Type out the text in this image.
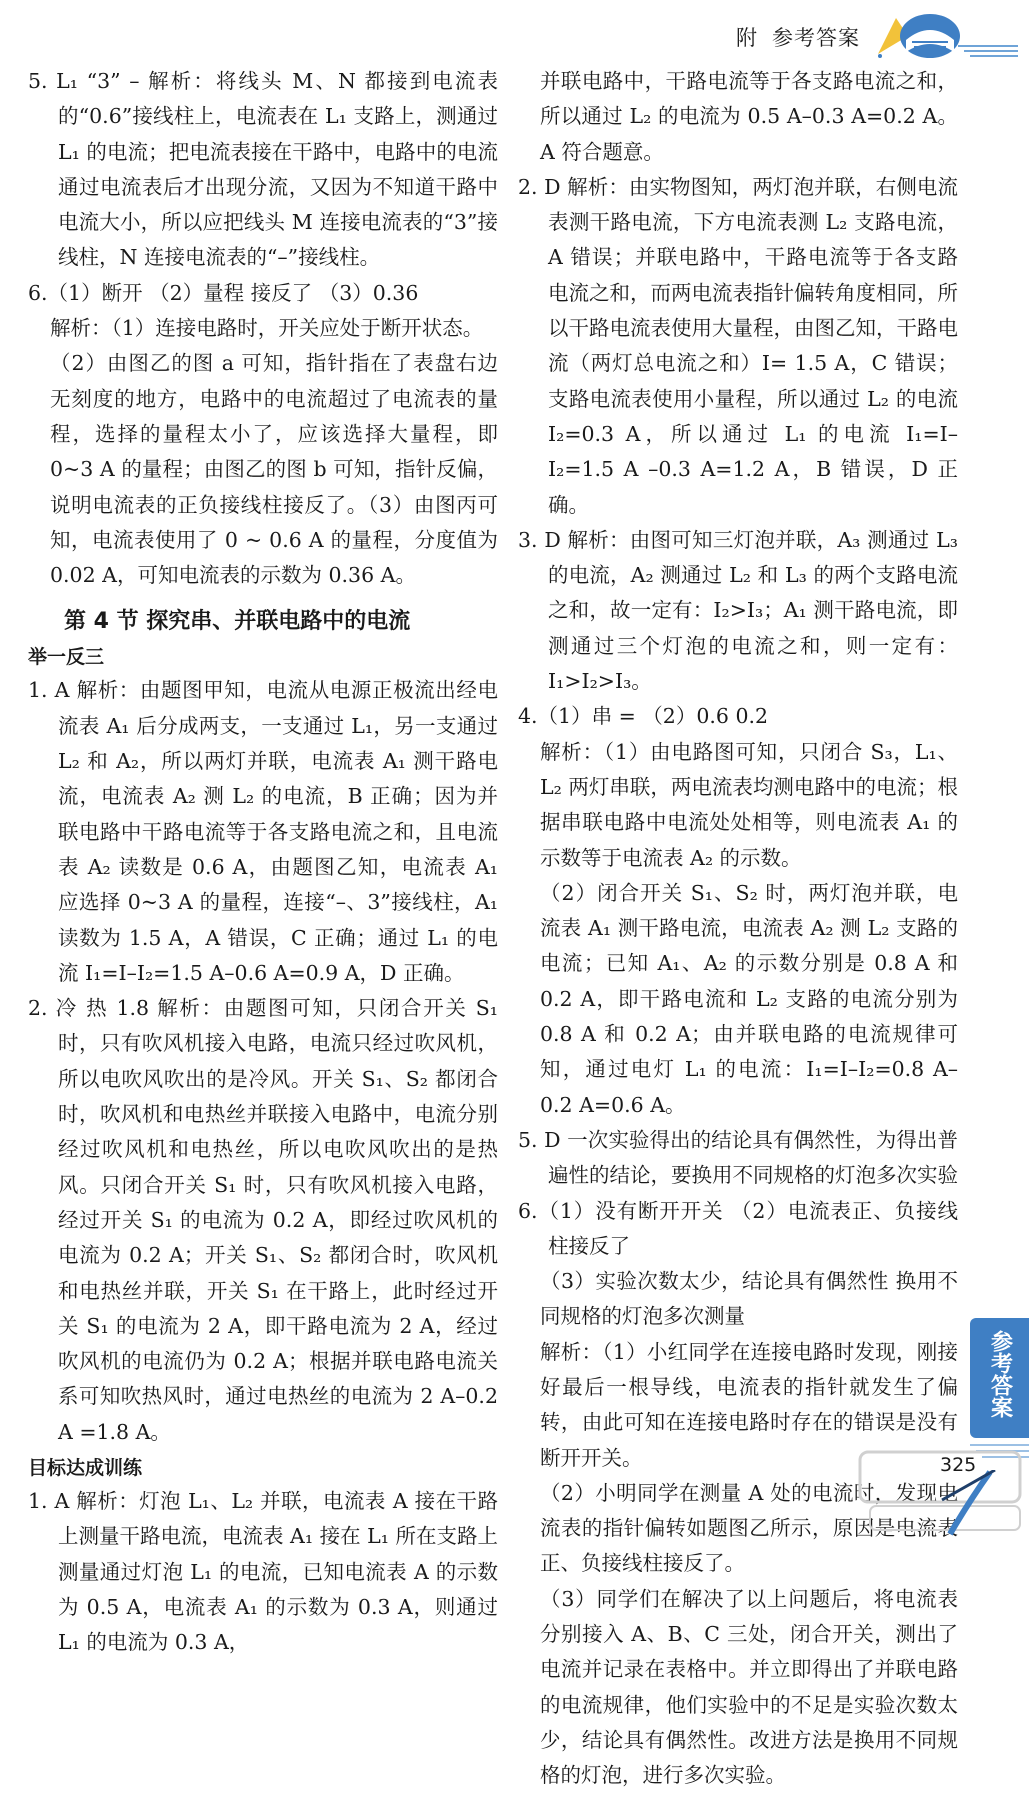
附 参考答案

5. L₁ “3” – 解析：将线头 M、N 都接到电流表的“0.6”接线柱上，电流表在 L₁ 支路上，测通过 L₁ 的电流；把电流表接在干路中，电路中的电流通过电流表后才出现分流，又因为不知道干路中电流大小，所以应把线头 M 连接电流表的“3”接线柱，N 连接电流表的“–”接线柱。

6.（1）断开 （2）量程 接反了 （3）0.36

解析：（1）连接电路时，开关应处于断开状态。

（2）由图乙的图 a 可知，指针指在了表盘右边无刻度的地方，电路中的电流超过了电流表的量程，选择的量程太小了，应该选择大量程，即 0~3 A 的量程；由图乙的图 b 可知，指针反偏，说明电流表的正负接线柱接反了。（3）由图丙可知，电流表使用了 0 ~ 0.6 A 的量程，分度值为 0.02 A，可知电流表的示数为 0.36 A。

第 4 节 探究串、并联电路中的电流
举一反三

1. A 解析：由题图甲知，电流从电源正极流出经电流表 A₁ 后分成两支，一支通过 L₁，另一支通过 L₂ 和 A₂，所以两灯并联，电流表 A₁ 测干路电流，电流表 A₂ 测 L₂ 的电流，B 正确；因为并联电路中干路电流等于各支路电流之和，且电流表 A₂ 读数是 0.6 A，由题图乙知，电流表 A₁ 应选择 0~3 A 的量程，连接“–、3”接线柱，A₁ 读数为 1.5 A，A 错误，C 正确；通过 L₁ 的电流 I₁=I–I₂=1.5 A–0.6 A=0.9 A，D 正确。

2. 冷 热 1.8 解析：由题图可知，只闭合开关 S₁ 时，只有吹风机接入电路，电流只经过吹风机，所以电吹风吹出的是冷风。开关 S₁、S₂ 都闭合时，吹风机和电热丝并联接入电路中，电流分别经过吹风机和电热丝，所以电吹风吹出的是热风。只闭合开关 S₁ 时，只有吹风机接入电路，经过开关 S₁ 的电流为 0.2 A，即经过吹风机的电流为 0.2 A；开关 S₁、S₂ 都闭合时，吹风机和电热丝并联，开关 S₁ 在干路上，此时经过开关 S₁ 的电流为 2 A，即干路电流为 2 A，经过吹风机的电流仍为 0.2 A；根据并联电路电流关系可知吹热风时，通过电热丝的电流为 2 A–0.2 A =1.8 A。

目标达成训练

1. A 解析：灯泡 L₁、L₂ 并联，电流表 A 接在干路上测量干路电流，电流表 A₁ 接在 L₁ 所在支路上测量通过灯泡 L₁ 的电流，已知电流表 A 的示数为 0.5 A，电流表 A₁ 的示数为 0.3 A，则通过 L₁ 的电流为 0.3 A，

并联电路中，干路电流等于各支路电流之和，所以通过 L₂ 的电流为 0.5 A–0.3 A=0.2 A。A 符合题意。

2. D 解析：由实物图知，两灯泡并联，右侧电流表测干路电流，下方电流表测 L₂ 支路电流，A 错误；并联电路中，干路电流等于各支路电流之和，而两电流表指针偏转角度相同，所以干路电流表使用大量程，由图乙知，干路电流（两灯总电流之和）I= 1.5 A，C 错误；支路电流表使用小量程，所以通过 L₂ 的电流 I₂=0.3 A，所以通过 L₁ 的电流 I₁=I–I₂=1.5 A –0.3 A=1.2 A，B 错误，D 正确。

3. D 解析：由图可知三灯泡并联，A₃ 测通过 L₃ 的电流，A₂ 测通过 L₂ 和 L₃ 的两个支路电流之和，故一定有：I₂>I₃；A₁ 测干路电流，即测通过三个灯泡的电流之和，则一定有：I₁>I₂>I₃。

4.（1）串 = （2）0.6 0.2

解析：（1）由电路图可知，只闭合 S₃，L₁、L₂ 两灯串联，两电流表均测电路中的电流；根据串联电路中电流处处相等，则电流表 A₁ 的示数等于电流表 A₂ 的示数。

（2）闭合开关 S₁、S₂ 时，两灯泡并联，电流表 A₁ 测干路电流，电流表 A₂ 测 L₂ 支路的电流；已知 A₁、A₂ 的示数分别是 0.8 A 和 0.2 A，即干路电流和 L₂ 支路的电流分别为 0.8 A 和 0.2 A；由并联电路的电流规律可知，通过电灯 L₁ 的电流：I₁=I–I₂=0.8 A– 0.2 A=0.6 A。

5. D 一次实验得出的结论具有偶然性，为得出普遍性的结论，要换用不同规格的灯泡多次实验

6.（1）没有断开开关 （2）电流表正、负接线柱接反了

（3）实验次数太少，结论具有偶然性 换用不同规格的灯泡多次测量

解析：（1）小红同学在连接电路时发现，刚接好最后一根导线，电流表的指针就发生了偏转，由此可知在连接电路时存在的错误是没有断开开关。

（2）小明同学在测量 A 处的电流时，发现电流表的指针偏转如题图乙所示，原因是电流表正、负接线柱接反了。

（3）同学们在解决了以上问题后，将电流表分别接入 A、B、C 三处，闭合开关，测出了电流并记录在表格中。并立即得出了并联电路的电流规律，他们实验中的不足是实验次数太少，结论具有偶然性。改进方法是换用不同规格的灯泡，进行多次实验。

参考答案
325
